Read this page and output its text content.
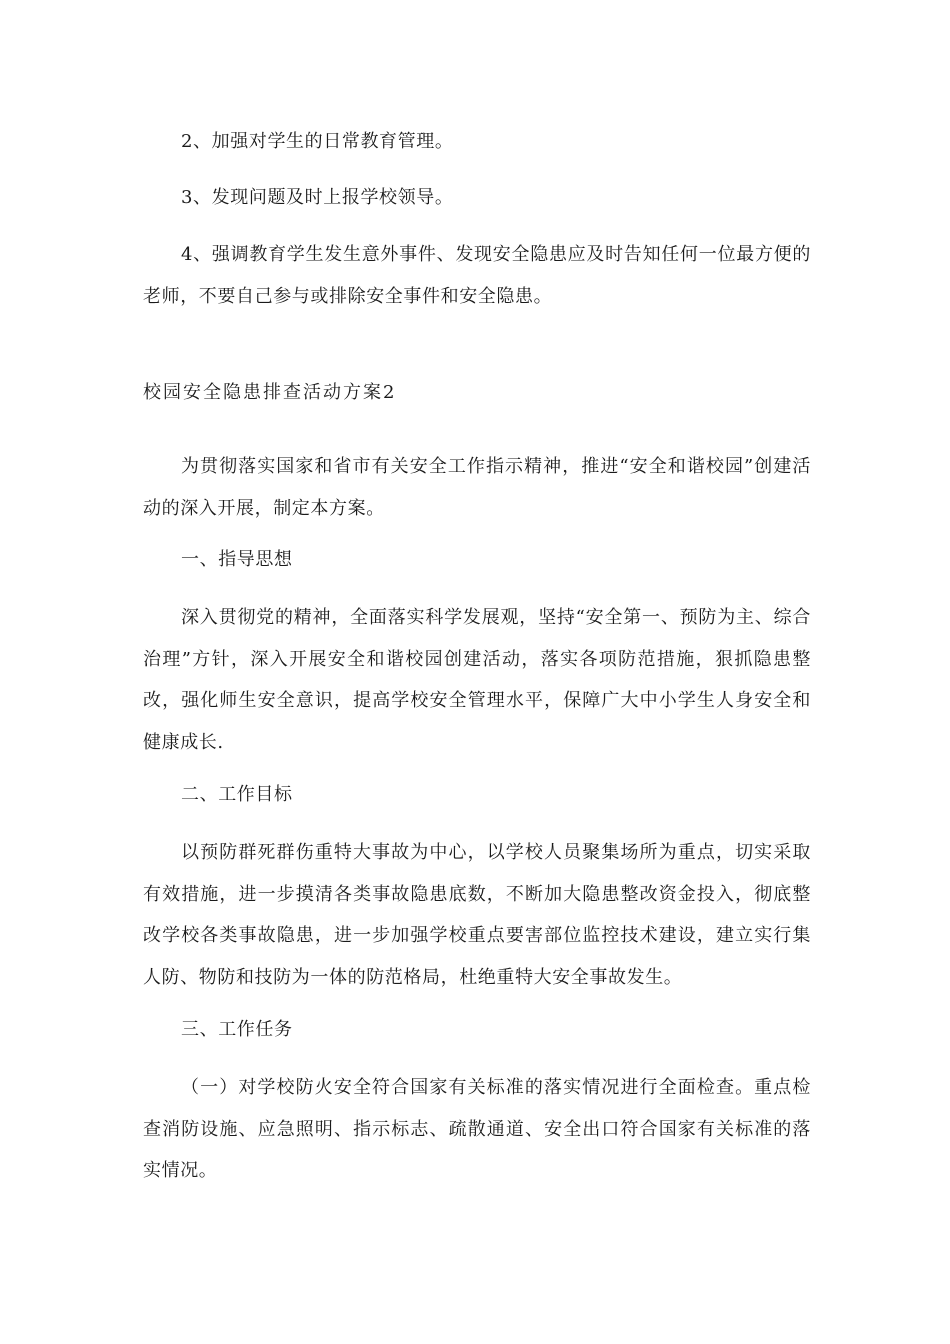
2、加强对学生的日常教育管理。

3、发现问题及时上报学校领导。

4、强调教育学生发生意外事件、发现安全隐患应及时告知任何一位最方便的老师，不要自己参与或排除安全事件和安全隐患。

校园安全隐患排查活动方案2

为贯彻落实国家和省市有关安全工作指示精神，推进“安全和谐校园”创建活动的深入开展，制定本方案。

一、指导思想

深入贯彻党的精神，全面落实科学发展观，坚持“安全第一、预防为主、综合治理”方针，深入开展安全和谐校园创建活动，落实各项防范措施，狠抓隐患整改，强化师生安全意识，提高学校安全管理水平，保障广大中小学生人身安全和健康成长.

二、工作目标

以预防群死群伤重特大事故为中心，以学校人员聚集场所为重点，切实采取有效措施，进一步摸清各类事故隐患底数，不断加大隐患整改资金投入，彻底整改学校各类事故隐患，进一步加强学校重点要害部位监控技术建设，建立实行集人防、物防和技防为一体的防范格局，杜绝重特大安全事故发生。

三、工作任务

（一）对学校防火安全符合国家有关标准的落实情况进行全面检查。重点检查消防设施、应急照明、指示标志、疏散通道、安全出口符合国家有关标准的落实情况。
